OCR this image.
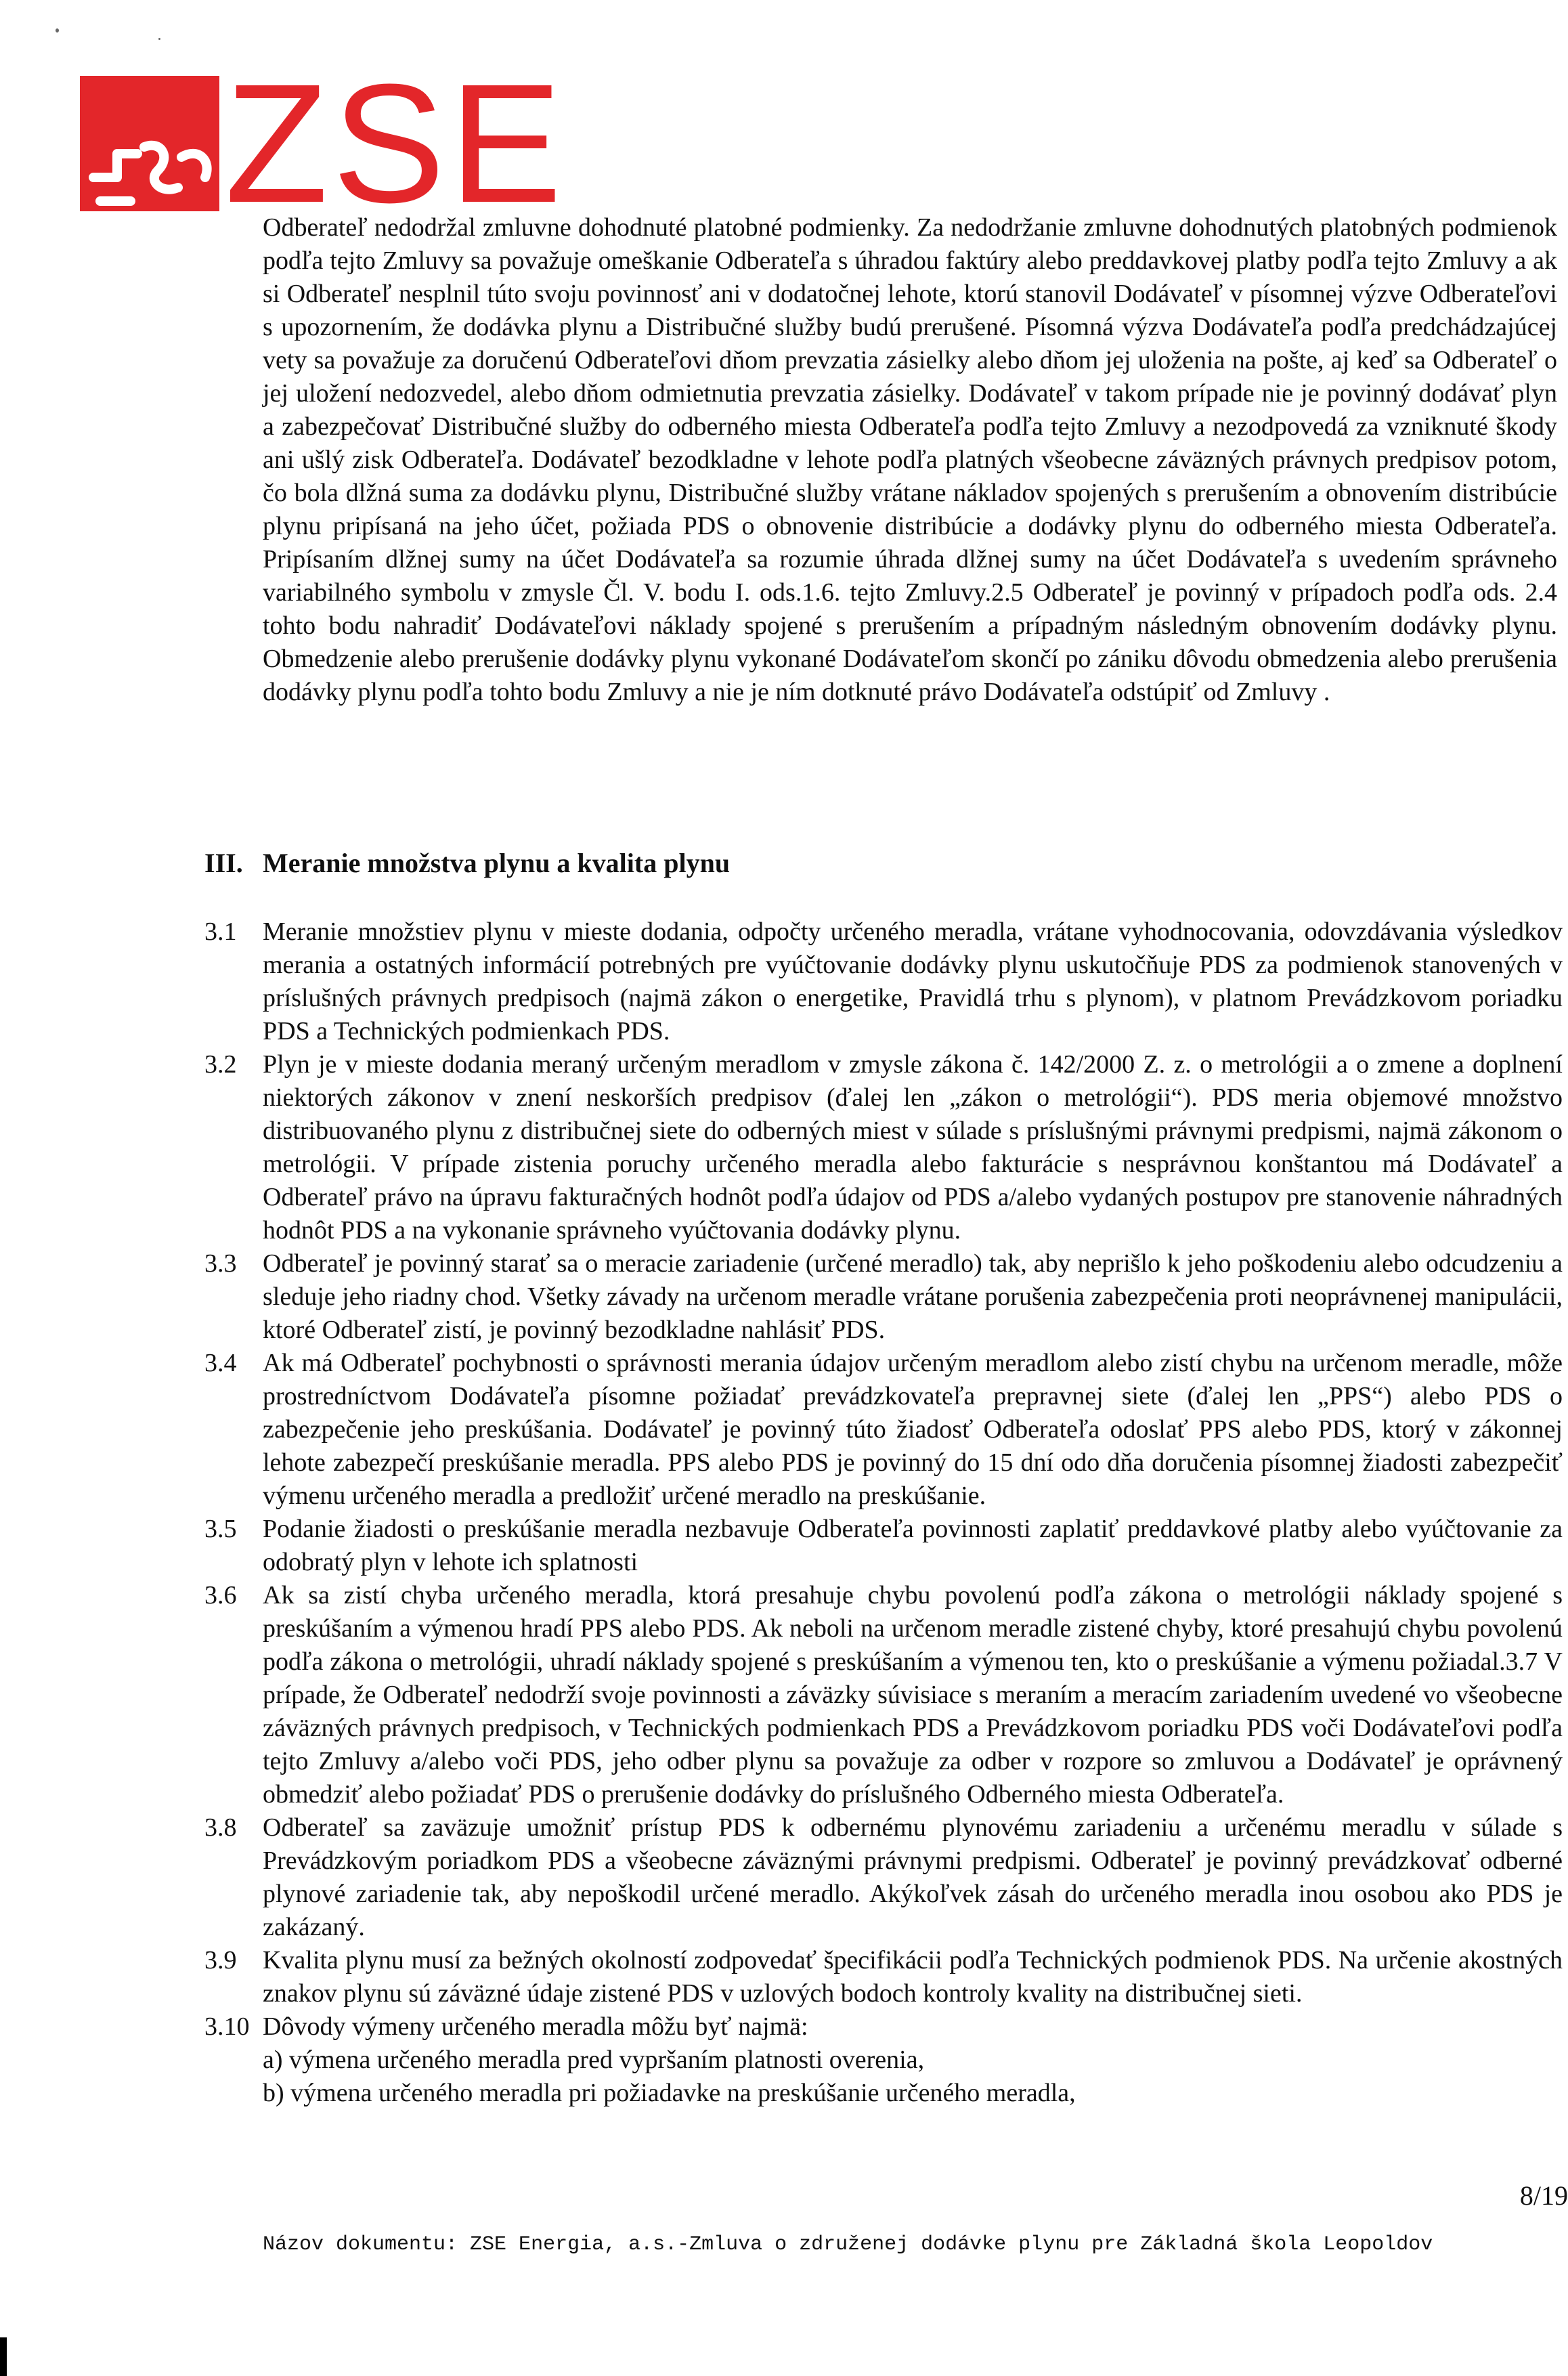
ZSE

Odberateľ nedodržal zmluvne dohodnuté platobné podmienky. Za nedodržanie zmluvne dohodnutých platobných podmienok podľa tejto Zmluvy sa považuje omeškanie Odberateľa s úhradou faktúry alebo preddavkovej platby podľa tejto Zmluvy a ak si Odberateľ nesplnil túto svoju povinnosť ani v dodatočnej lehote, ktorú stanovil Dodávateľ v písomnej výzve Odberateľovi s upozornením, že dodávka plynu a Distribučné služby budú prerušené. Písomná výzva Dodávateľa podľa predchádzajúcej vety sa považuje za doručenú Odberateľovi dňom prevzatia zásielky alebo dňom jej uloženia na pošte, aj keď sa Odberateľ o jej uložení nedozvedel, alebo dňom odmietnutia prevzatia zásielky. Dodávateľ v takom prípade nie je povinný dodávať plyn a zabezpečovať Distribučné služby do odberného miesta Odberateľa podľa tejto Zmluvy a nezodpovedá za vzniknuté škody ani ušlý zisk Odberateľa. Dodávateľ bezodkladne v lehote podľa platných všeobecne záväzných právnych predpisov potom, čo bola dlžná suma za dodávku plynu, Distribučné služby vrátane nákladov spojených s prerušením a obnovením distribúcie plynu pripísaná na jeho účet, požiada PDS o obnovenie distribúcie a dodávky plynu do odberného miesta Odberateľa. Pripísaním dlžnej sumy na účet Dodávateľa sa rozumie úhrada dlžnej sumy na účet Dodávateľa s uvedením správneho variabilného symbolu v zmysle Čl. V. bodu I. ods.1.6. tejto Zmluvy.2.5 Odberateľ je povinný v prípadoch podľa ods. 2.4 tohto bodu nahradiť Dodávateľovi náklady spojené s prerušením a prípadným následným obnovením dodávky plynu. Obmedzenie alebo prerušenie dodávky plynu vykonané Dodávateľom skončí po zániku dôvodu obmedzenia alebo prerušenia dodávky plynu podľa tohto bodu Zmluvy a nie je ním dotknuté právo Dodávateľa odstúpiť od Zmluvy .

III. Meranie množstva plynu a kvalita plynu
3.1	Meranie množstiev plynu v mieste dodania, odpočty určeného meradla, vrátane vyhodnocovania, odovzdávania výsledkov merania a ostatných informácií potrebných pre vyúčtovanie dodávky plynu uskutočňuje PDS za podmienok stanovených v príslušných právnych predpisoch (najmä zákon o energetike, Pravidlá trhu s plynom), v platnom Prevádzkovom poriadku PDS a Technických podmienkach PDS.
3.2	Plyn je v mieste dodania meraný určeným meradlom v zmysle zákona č. 142/2000 Z. z. o metrológii a o zmene a doplnení niektorých zákonov v znení neskorších predpisov (ďalej len „zákon o metrológii“). PDS meria objemové množstvo distribuovaného plynu z distribučnej siete do odberných miest v súlade s príslušnými právnymi predpismi, najmä zákonom o metrológii. V prípade zistenia poruchy určeného meradla alebo fakturácie s nesprávnou konštantou má Dodávateľ a Odberateľ právo na úpravu fakturačných hodnôt podľa údajov od PDS a/alebo vydaných postupov pre stanovenie náhradných hodnôt PDS a na vykonanie správneho vyúčtovania dodávky plynu.
3.3	Odberateľ je povinný starať sa o meracie zariadenie (určené meradlo) tak, aby neprišlo k jeho poškodeniu alebo odcudzeniu a sleduje jeho riadny chod. Všetky závady na určenom meradle vrátane porušenia zabezpečenia proti neoprávnenej manipulácii, ktoré Odberateľ zistí, je povinný bezodkladne nahlásiť PDS.
3.4	Ak má Odberateľ pochybnosti o správnosti merania údajov určeným meradlom alebo zistí chybu na určenom meradle, môže prostredníctvom Dodávateľa písomne požiadať prevádzkovateľa prepravnej siete (ďalej len „PPS“) alebo PDS o zabezpečenie jeho preskúšania. Dodávateľ je povinný túto žiadosť Odberateľa odoslať PPS alebo PDS, ktorý v zákonnej lehote zabezpečí preskúšanie meradla. PPS alebo PDS je povinný do 15 dní odo dňa doručenia písomnej žiadosti zabezpečiť výmenu určeného meradla a predložiť určené meradlo na preskúšanie.
3.5	Podanie žiadosti o preskúšanie meradla nezbavuje Odberateľa povinnosti zaplatiť preddavkové platby alebo vyúčtovanie za odobratý plyn v lehote ich splatnosti
3.6	Ak sa zistí chyba určeného meradla, ktorá presahuje chybu povolenú podľa zákona o metrológii náklady spojené s preskúšaním a výmenou hradí PPS alebo PDS. Ak neboli na určenom meradle zistené chyby, ktoré presahujú chybu povolenú podľa zákona o metrológii, uhradí náklady spojené s preskúšaním a výmenou ten, kto o preskúšanie a výmenu požiadal.3.7 V prípade, že Odberateľ nedodrží svoje povinnosti a záväzky súvisiace s meraním a meracím zariadením uvedené vo všeobecne záväzných právnych predpisoch, v Technických podmienkach PDS a Prevádzkovom poriadku PDS voči Dodávateľovi podľa tejto Zmluvy a/alebo voči PDS, jeho odber plynu sa považuje za odber v rozpore so zmluvou a Dodávateľ je oprávnený obmedziť alebo požiadať PDS o prerušenie dodávky do príslušného Odberného miesta Odberateľa.
3.8	Odberateľ sa zaväzuje umožniť prístup PDS k odbernému plynovému zariadeniu a určenému meradlu v súlade s Prevádzkovým poriadkom PDS a všeobecne záväznými právnymi predpismi. Odberateľ je povinný prevádzkovať odberné plynové zariadenie tak, aby nepoškodil určené meradlo. Akýkoľvek zásah do určeného meradla inou osobou ako PDS je zakázaný.
3.9	Kvalita plynu musí za bežných okolností zodpovedať špecifikácii podľa Technických podmienok PDS. Na určenie akostných znakov plynu sú záväzné údaje zistené PDS v uzlových bodoch kontroly kvality na distribučnej sieti.
3.10 Dôvody výmeny určeného meradla môžu byť najmä:
a) výmena určeného meradla pred vypršaním platnosti overenia,
b) výmena určeného meradla pri požiadavke na preskúšanie určeného meradla,
8/19
Názov dokumentu: ZSE Energia, a.s.-Zmluva o združenej dodávke plynu pre Základná škola Leopoldov
